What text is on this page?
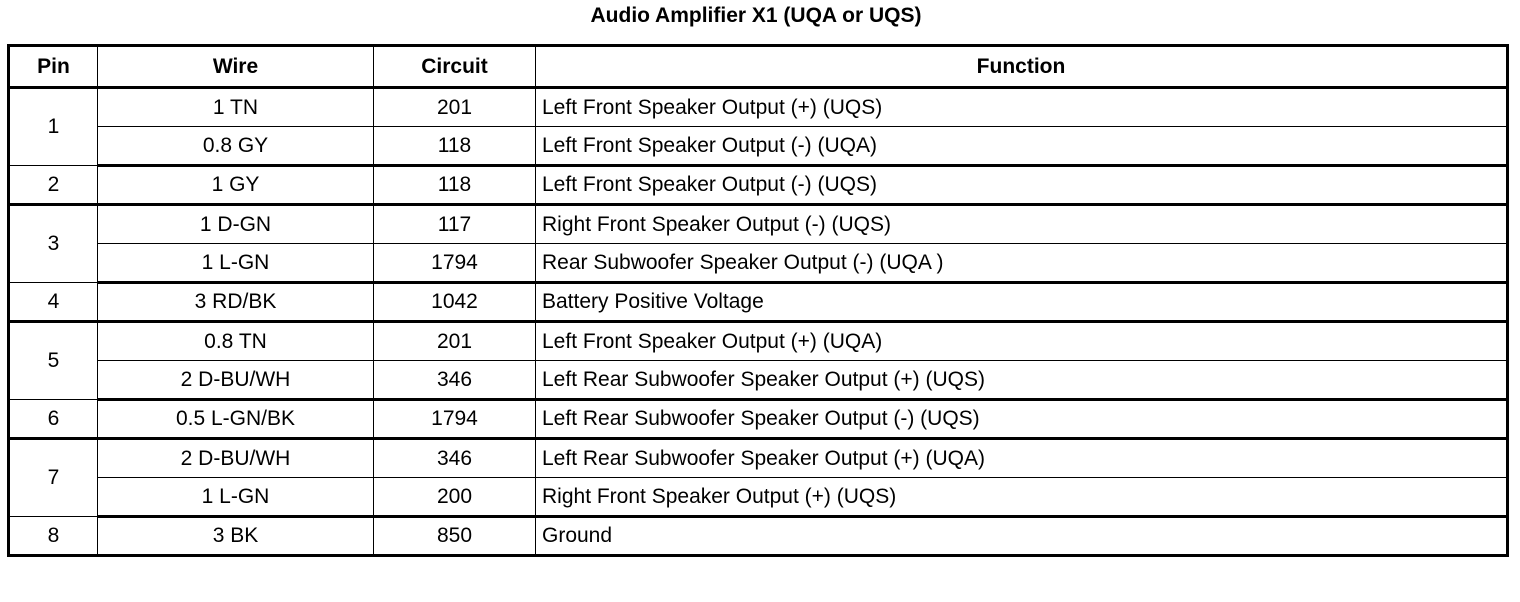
Audio Amplifier X1 (UQA or UQS)
Pin	Wire	Circuit	Function
1	1 TN	201	Left Front Speaker Output (+) (UQS)
	0.8 GY	118	Left Front Speaker Output (-) (UQA)
2	1 GY	118	Left Front Speaker Output (-) (UQS)
3	1 D-GN	117	Right Front Speaker Output (-) (UQS)
	1 L-GN	1794	Rear Subwoofer Speaker Output (-) (UQA )
4	3 RD/BK	1042	Battery Positive Voltage
5	0.8 TN	201	Left Front Speaker Output (+) (UQA)
	2 D-BU/WH	346	Left Rear Subwoofer Speaker Output (+) (UQS)
6	0.5 L-GN/BK	1794	Left Rear Subwoofer Speaker Output (-) (UQS)
7	2 D-BU/WH	346	Left Rear Subwoofer Speaker Output (+) (UQA)
	1 L-GN	200	Right Front Speaker Output (+) (UQS)
8	3 BK	850	Ground
